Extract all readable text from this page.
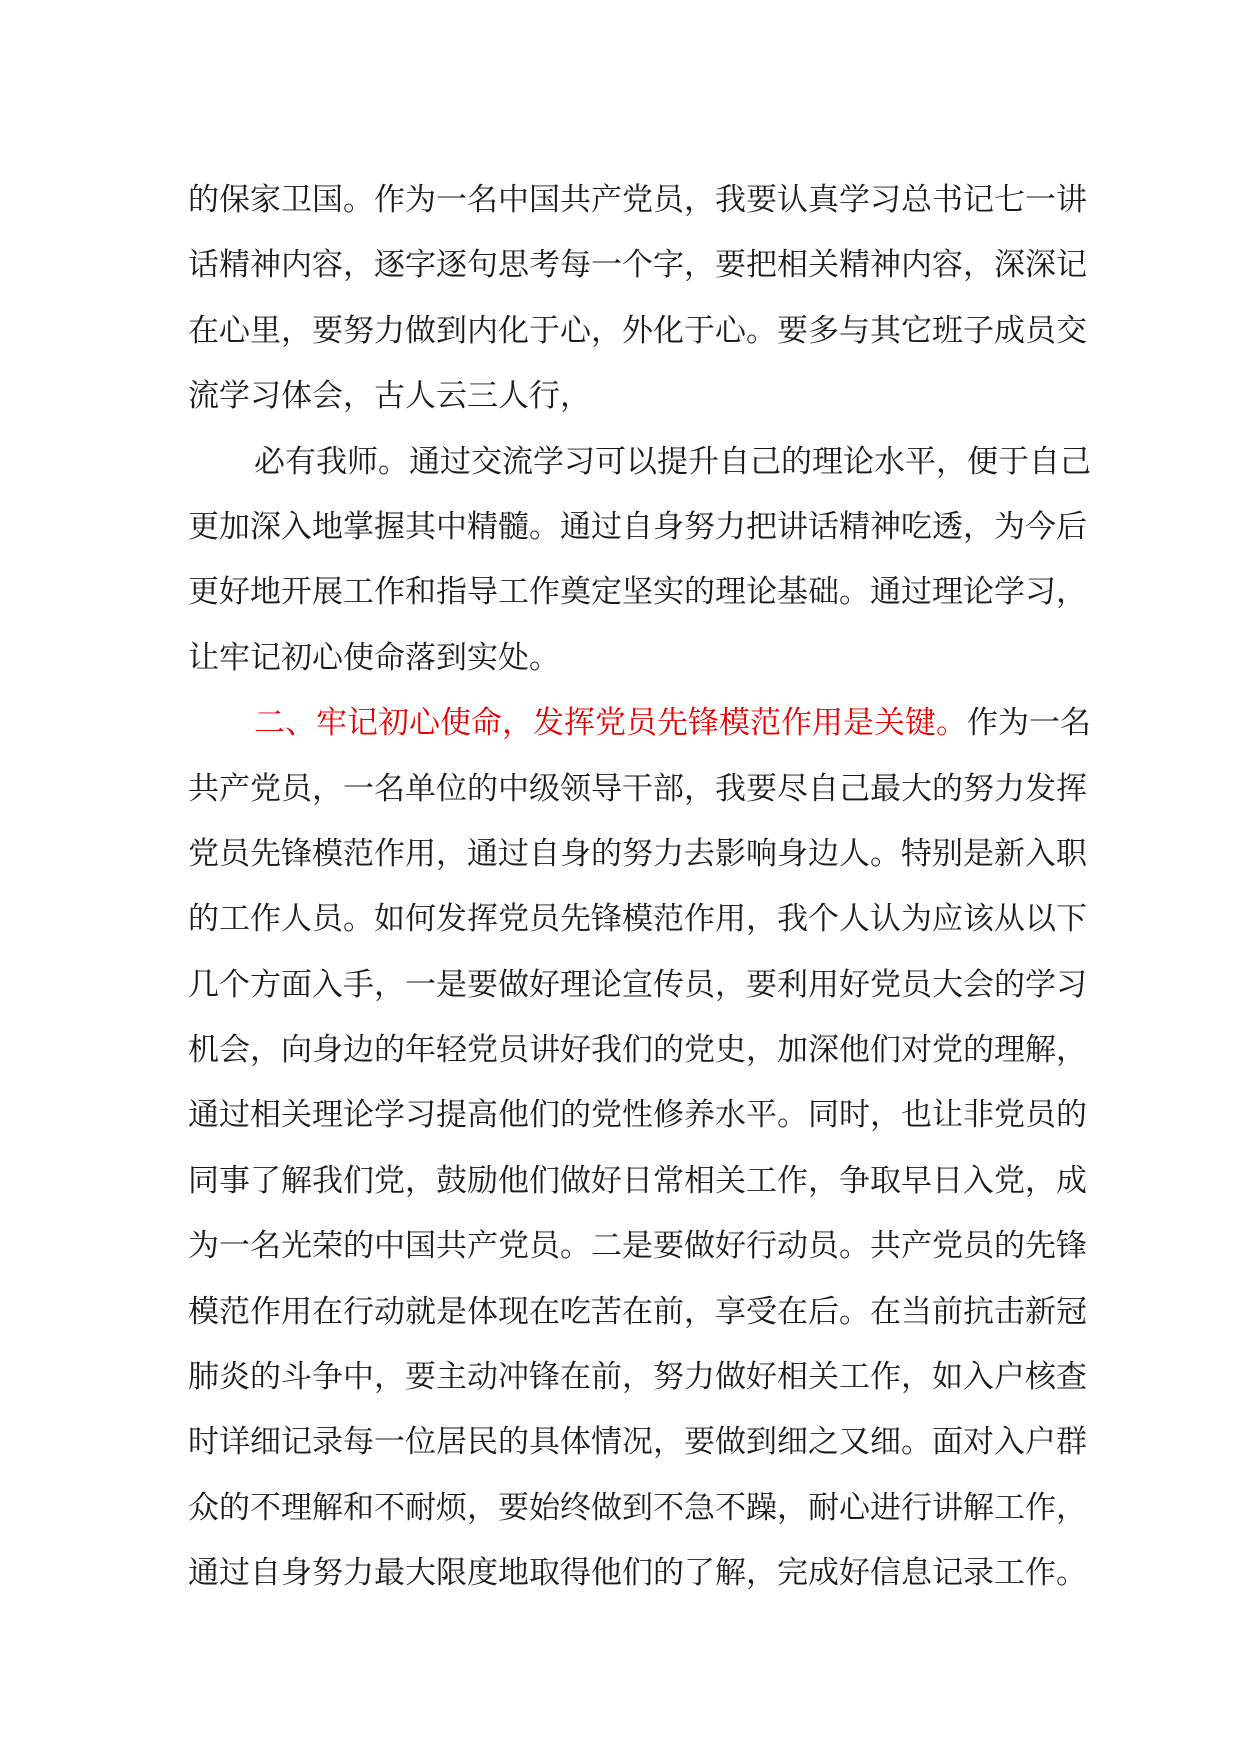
的保家卫国。作为一名中国共产党员，我要认真学习总书记七一讲
话精神内容，逐字逐句思考每一个字，要把相关精神内容，深深记
在心里，要努力做到内化于心，外化于心。要多与其它班子成员交
流学习体会，古人云三人行，
必有我师。通过交流学习可以提升自己的理论水平，便于自己
更加深入地掌握其中精髓。通过自身努力把讲话精神吃透，为今后
更好地开展工作和指导工作奠定坚实的理论基础。通过理论学习，
让牢记初心使命落到实处。
二、牢记初心使命，发挥党员先锋模范作用是关键。作为一名
共产党员，一名单位的中级领导干部，我要尽自己最大的努力发挥
党员先锋模范作用，通过自身的努力去影响身边人。特别是新入职
的工作人员。如何发挥党员先锋模范作用，我个人认为应该从以下
几个方面入手，一是要做好理论宣传员，要利用好党员大会的学习
机会，向身边的年轻党员讲好我们的党史，加深他们对党的理解，
通过相关理论学习提高他们的党性修养水平。同时，也让非党员的
同事了解我们党，鼓励他们做好日常相关工作，争取早日入党，成
为一名光荣的中国共产党员。二是要做好行动员。共产党员的先锋
模范作用在行动就是体现在吃苦在前，享受在后。在当前抗击新冠
肺炎的斗争中，要主动冲锋在前，努力做好相关工作，如入户核查
时详细记录每一位居民的具体情况，要做到细之又细。面对入户群
众的不理解和不耐烦，要始终做到不急不躁，耐心进行讲解工作，
通过自身努力最大限度地取得他们的了解，完成好信息记录工作。
